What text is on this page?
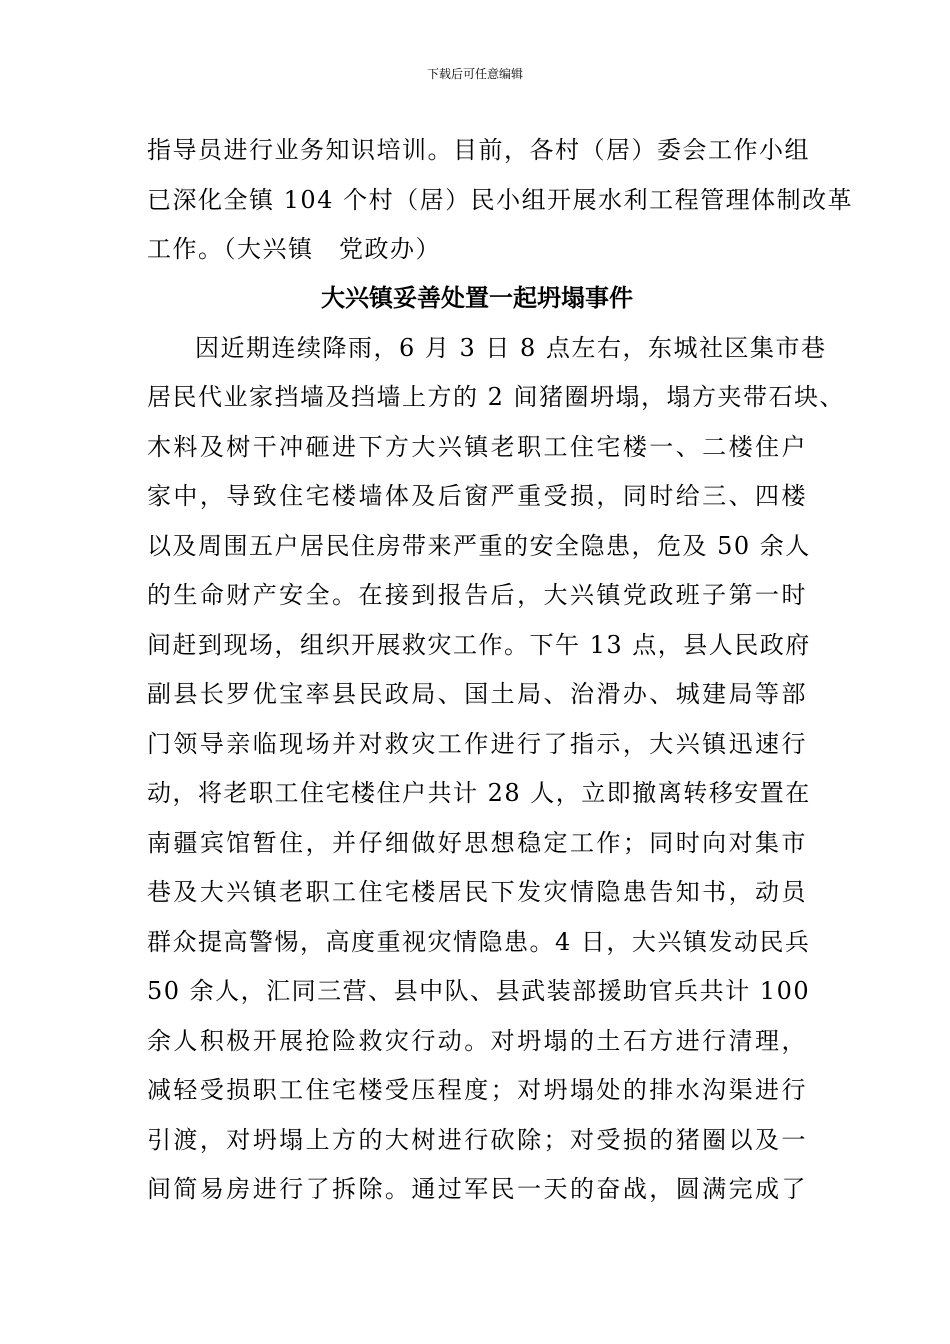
下载后可任意编辑
指导员进行业务知识培训。目前，各村（居）委会工作小组
已深化全镇 104 个村（居）民小组开展水利工程管理体制改革
工作。（大兴镇　党政办）
大兴镇妥善处置一起坍塌事件
因近期连续降雨，6 月 3 日 8 点左右，东城社区集市巷
居民代业家挡墙及挡墙上方的 2 间猪圈坍塌，塌方夹带石块、
木料及树干冲砸进下方大兴镇老职工住宅楼一、二楼住户
家中，导致住宅楼墙体及后窗严重受损，同时给三、四楼
以及周围五户居民住房带来严重的安全隐患，危及 50 余人
的生命财产安全。在接到报告后，大兴镇党政班子第一时
间赶到现场，组织开展救灾工作。下午 13 点，县人民政府
副县长罗优宝率县民政局、国土局、治滑办、城建局等部
门领导亲临现场并对救灾工作进行了指示，大兴镇迅速行
动，将老职工住宅楼住户共计 28 人，立即撤离转移安置在
南疆宾馆暂住，并仔细做好思想稳定工作；同时向对集市
巷及大兴镇老职工住宅楼居民下发灾情隐患告知书，动员
群众提高警惕，高度重视灾情隐患。4 日，大兴镇发动民兵
50 余人，汇同三营、县中队、县武装部援助官兵共计 100
余人积极开展抢险救灾行动。对坍塌的土石方进行清理，
减轻受损职工住宅楼受压程度；对坍塌处的排水沟渠进行
引渡，对坍塌上方的大树进行砍除；对受损的猪圈以及一
间简易房进行了拆除。通过军民一天的奋战，圆满完成了
